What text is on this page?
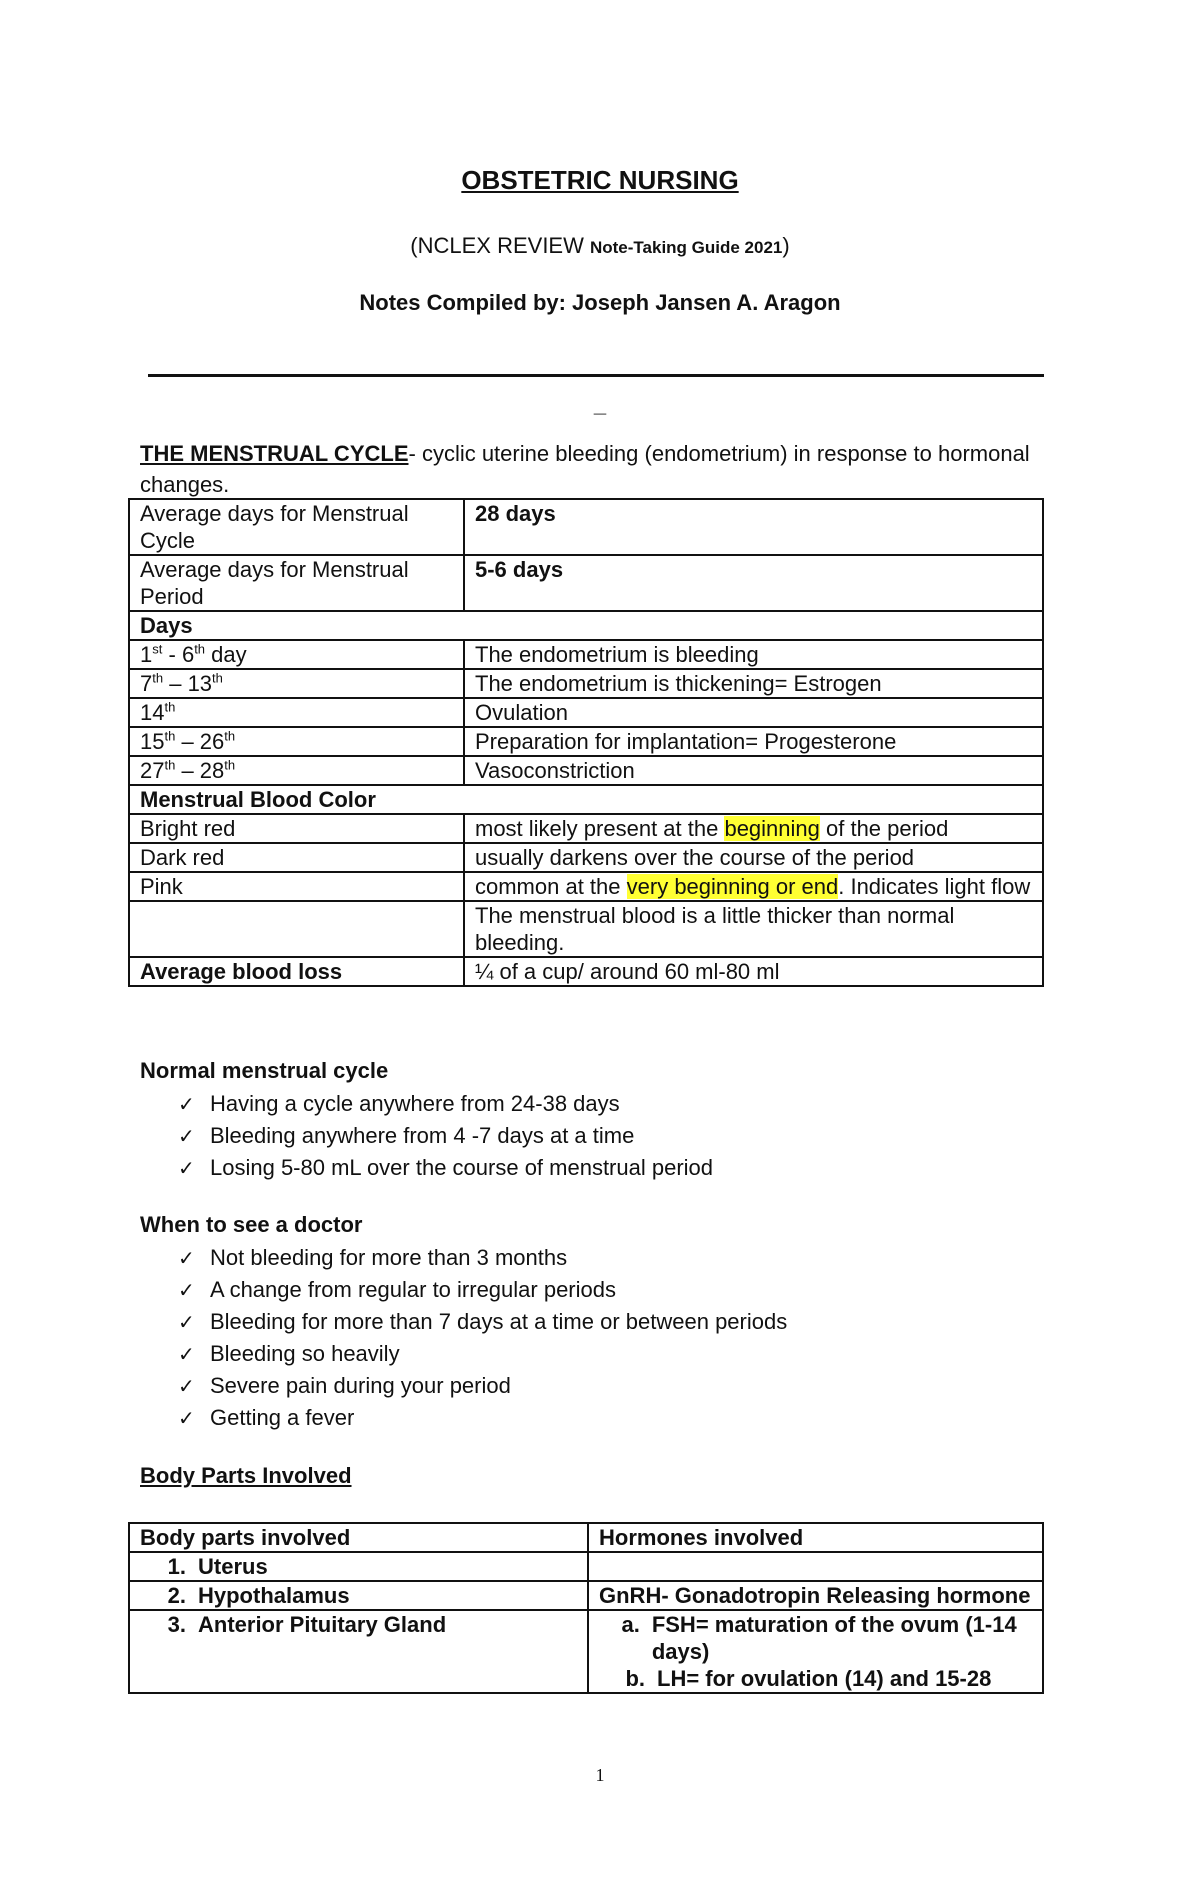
OBSTETRIC NURSING
(NCLEX REVIEW Note-Taking Guide 2021)
Notes Compiled by: Joseph Jansen A. Aragon
_
THE MENSTRUAL CYCLE- cyclic uterine bleeding (endometrium) in response to hormonal changes.
Average days for Menstrual Cycle	28 days
Average days for Menstrual Period	5-6 days
Days	
1st - 6th day	The endometrium is bleeding
7th – 13th	The endometrium is thickening= Estrogen
14th	Ovulation
15th – 26th	Preparation for implantation= Progesterone
27th – 28th	Vasoconstriction
Menstrual Blood Color	
Bright red	most likely present at the beginning of the period
Dark red	usually darkens over the course of the period
Pink	common at the very beginning or end. Indicates light flow
	The menstrual blood is a little thicker than normal bleeding.
Average blood loss	¼ of a cup/ around 60 ml-80 ml
Normal menstrual cycle
✓ Having a cycle anywhere from 24-38 days
✓ Bleeding anywhere from 4 -7 days at a time
✓ Losing 5-80 mL over the course of menstrual period
When to see a doctor
✓ Not bleeding for more than 3 months
✓ A change from regular to irregular periods
✓ Bleeding for more than 7 days at a time or between periods
✓ Bleeding so heavily
✓ Severe pain during your period
✓ Getting a fever
Body Parts Involved
Body parts involved	Hormones involved
1. Uterus	
2. Hypothalamus	GnRH- Gonadotropin Releasing hormone
3. Anterior Pituitary Gland	a. FSH= maturation of the ovum (1-14 days)
b. LH= for ovulation (14) and 15-28
1
